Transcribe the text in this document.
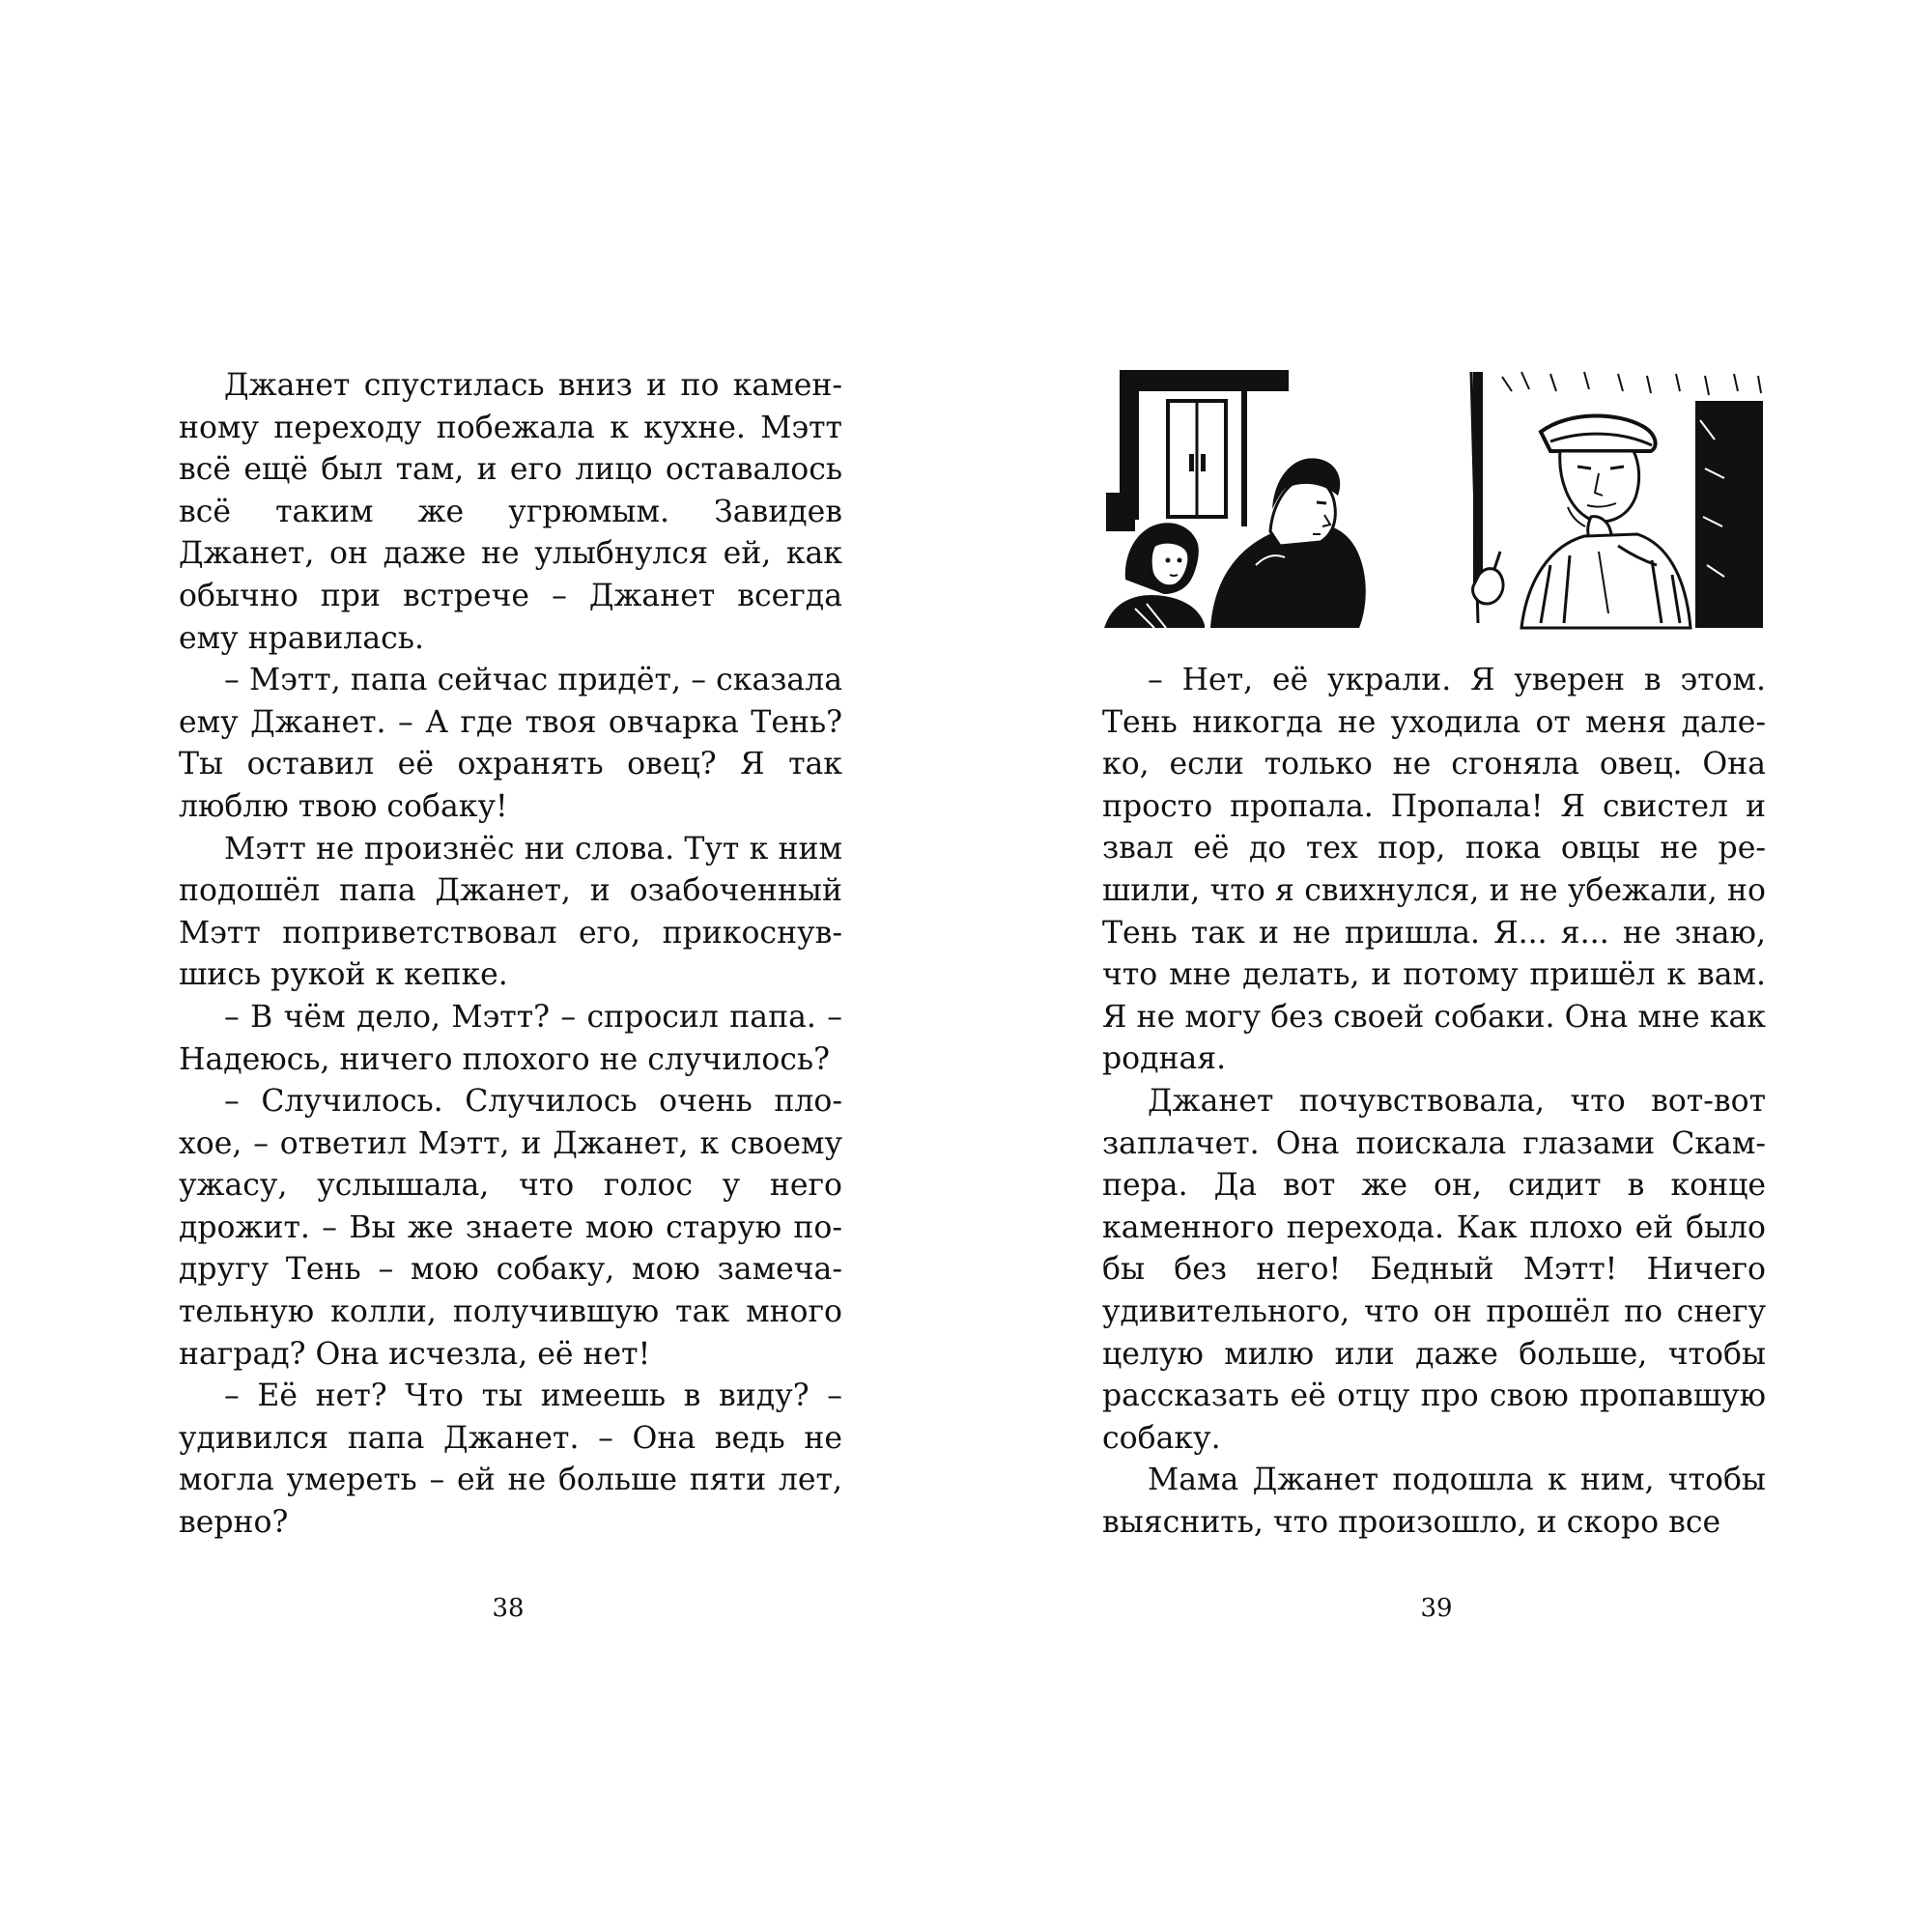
Джанет спустилась вниз и по каменному переходу побежала к кухне. Мэтт всё ещё был там, и его лицо оставалось всё таким же угрюмым. Завидев Джанет, он даже не улыбнулся ей, как обычно при встрече – Джанет всегда ему нравилась.

– Мэтт, папа сейчас придёт, – сказала ему Джанет. – А где твоя овчарка Тень? Ты оставил её охранять овец? Я так люблю твою собаку!

Мэтт не произнёс ни слова. Тут к ним подошёл папа Джанет, и озабоченный Мэтт поприветствовал его, прикоснувшись рукой к кепке.

– В чём дело, Мэтт? – спросил папа. – Надеюсь, ничего плохого не случилось?

– Случилось. Случилось очень плохое, – ответил Мэтт, и Джанет, к своему ужасу, услышала, что голос у него дрожит. – Вы же знаете мою старую подругу Тень – мою собаку, мою замечательную колли, получившую так много наград? Она исчезла, её нет!

– Её нет? Что ты имеешь в виду? – удивился папа Джанет. – Она ведь не могла умереть – ей не больше пяти лет, верно?

38

– Нет, её украли. Я уверен в этом. Тень никогда не уходила от меня далеко, если только не сгоняла овец. Она просто пропала. Пропала! Я свистел и звал её до тех пор, пока овцы не решили, что я свихнулся, и не убежали, но Тень так и не пришла. Я... я... не знаю, что мне делать, и потому пришёл к вам. Я не могу без своей собаки. Она мне как родная.

Джанет почувствовала, что вот-вот заплачет. Она поискала глазами Скампера. Да вот же он, сидит в конце каменного перехода. Как плохо ей было бы без него! Бедный Мэтт! Ничего удивительного, что он прошёл по снегу целую милю или даже больше, чтобы рассказать её отцу про свою пропавшую собаку.

Мама Джанет подошла к ним, чтобы выяснить, что произошло, и скоро все

39
